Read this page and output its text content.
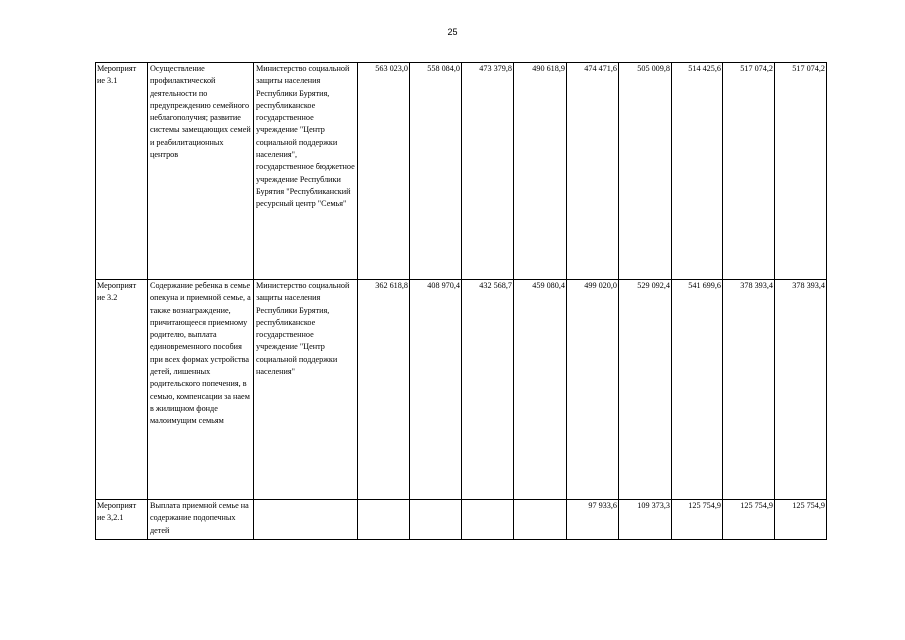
25
Мероприят ие 3.1	Осуществление профилактической деятельности по предупреждению семейного неблагополучия; развитие системы замещающих семей и реабилитационных центров	Министерство социальной защиты населения Республики Бурятия, республиканское государственное учреждение "Центр социальной поддержки населения", государственное бюджетное учреждение Республики Бурятия "Республиканский ресурсный центр "Семья"	563 023,0	558 084,0	473 379,8	490 618,9	474 471,6	505 009,8	514 425,6	517 074,2	517 074,2
Мероприят ие 3.2	Содержание ребенка в семье опекуна и приемной семье, а также вознаграждение, причитающееся приемному родителю, выплата единовременного пособия при всех формах устройства детей, лишенных родительского попечения, в семью, компенсации за наем в жилищном фонде малоимущим семьям	Министерство социальной защиты населения Республики Бурятия, республиканское государственное учреждение "Центр социальной поддержки населения"	362 618,8	408 970,4	432 568,7	459 080,4	499 020,0	529 092,4	541 699,6	378 393,4	378 393,4
Мероприят ие 3,2.1	Выплата приемной семье на содержание подопечных детей						97 933,6	109 373,3	125 754,9	125 754,9	125 754,9
